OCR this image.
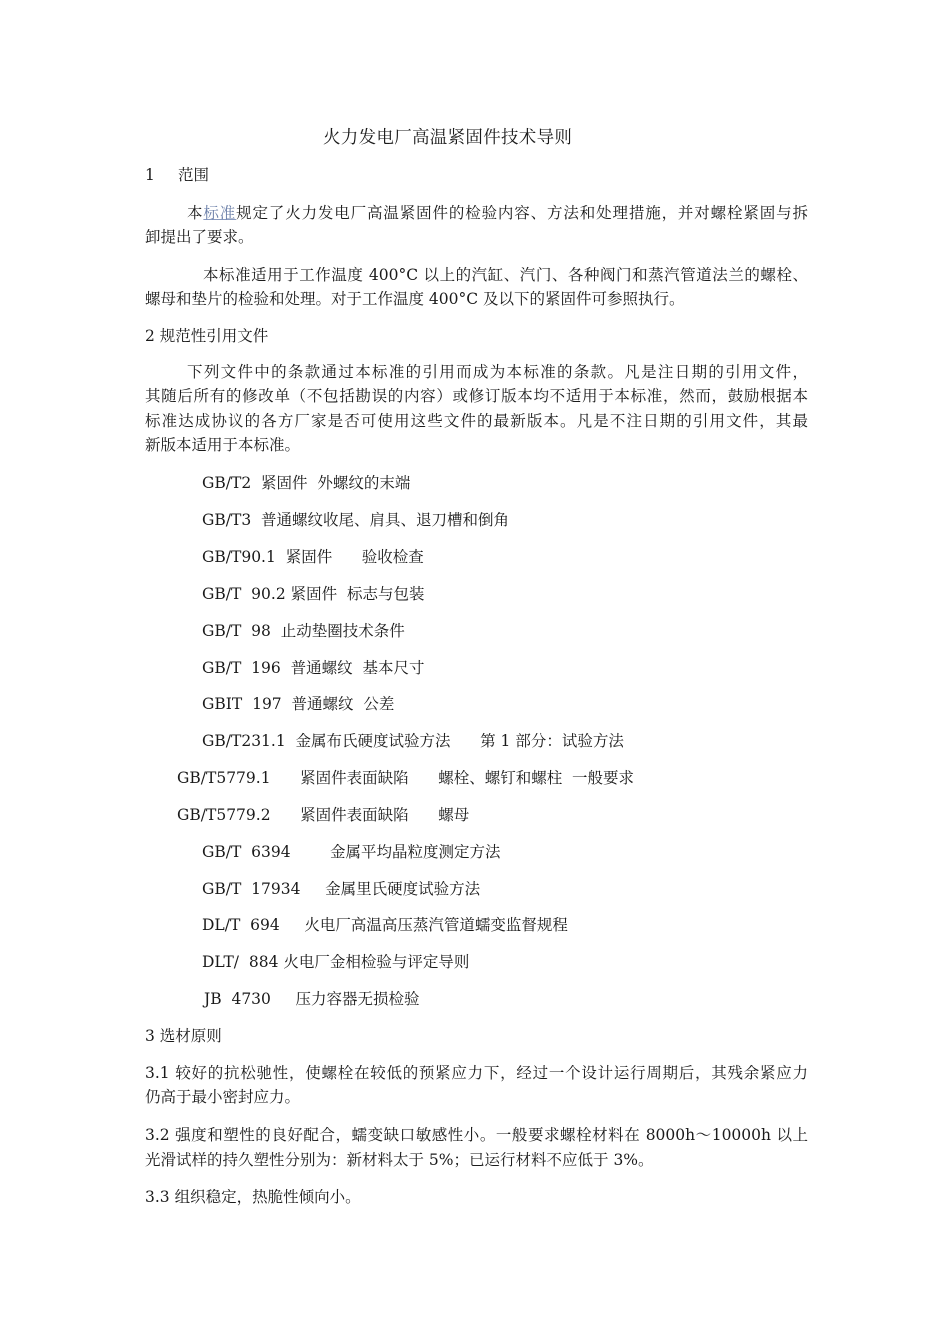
火力发电厂高温紧固件技术导则
1 范围
本标准规定了火力发电厂高温紧固件的检验内容、方法和处理措施，并对螺栓紧固与拆
卸提出了要求。
本标准适用于工作温度 400°C 以上的汽缸、汽门、各种阀门和蒸汽管道法兰的螺栓、
螺母和垫片的检验和处理。对于工作温度 400°C 及以下的紧固件可参照执行。
2 规范性引用文件
下列文件中的条款通过本标准的引用而成为本标准的条款。凡是注日期的引用文件，
其随后所有的修改单（不包括勘误的内容）或修订版本均不适用于本标准，然而，鼓励根据本
标准达成协议的各方厂家是否可使用这些文件的最新版本。凡是不注日期的引用文件，其最
新版本适用于本标准。
GB/T2  紧固件  外螺纹的末端
GB/T3  普通螺纹收尾、肩具、退刀槽和倒角
GB/T90.1  紧固件      验收检查
GB/T  90.2 紧固件  标志与包装
GB/T  98  止动垫圈技术条件
GB/T  196  普通螺纹  基本尺寸
GBIT  197  普通螺纹  公差
GB/T231.1  金属布氏硬度试验方法      第 1 部分：试验方法
GB/T5779.1      紧固件表面缺陷      螺栓、螺钉和螺柱  一般要求
GB/T5779.2      紧固件表面缺陷      螺母
GB/T  6394        金属平均晶粒度测定方法
GB/T  17934     金属里氏硬度试验方法
DL/T  694     火电厂高温高压蒸汽管道蠕变监督规程
DLT/  884 火电厂金相检验与评定导则
JB  4730     压力容器无损检验
3 选材原则
3.1 较好的抗松驰性，使螺栓在较低的预紧应力下，经过一个设计运行周期后，其残余紧应力
仍高于最小密封应力。
3.2 强度和塑性的良好配合，蠕变缺口敏感性小。一般要求螺栓材料在 8000h～10000h 以上
光滑试样的持久塑性分别为：新材料太于 5%；已运行材料不应低于 3%。
3.3 组织稳定，热脆性倾向小。
